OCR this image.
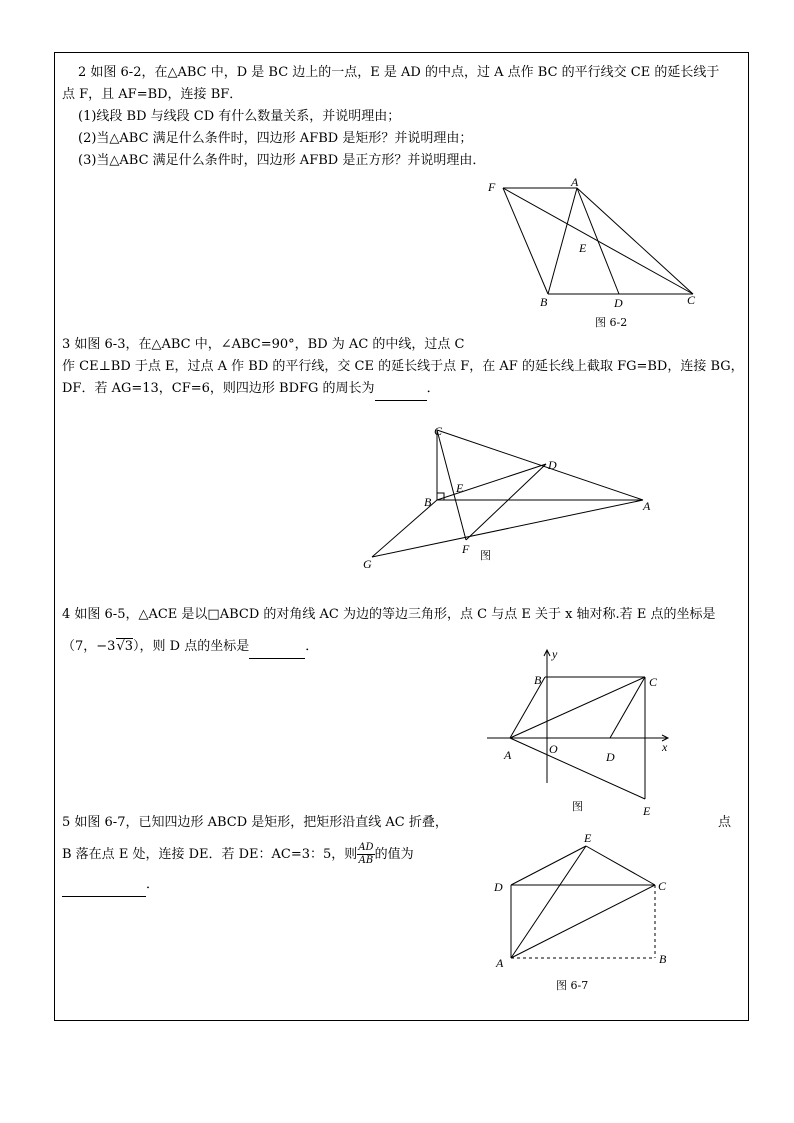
2 如图 6-2，在△ABC 中，D 是 BC 边上的一点，E 是 AD 的中点，过 A 点作 BC 的平行线交 CE 的延长线于
点 F，且 AF=BD，连接 BF．
(1)线段 BD 与线段 CD 有什么数量关系，并说明理由；
(2)当△ABC 满足什么条件时，四边形 AFBD 是矩形？并说明理由；
(3)当△ABC 满足什么条件时，四边形 AFBD 是正方形？并说明理由．
3 如图 6-3，在△ABC 中，∠ABC=90°，BD 为 AC 的中线，过点 C
作 CE⊥BD 于点 E，过点 A 作 BD 的平行线，交 CE 的延长线于点 F，在 AF 的延长线上截取 FG=BD，连接 BG，
DF．若 AG=13，CF=6，则四边形 BDFG 的周长为	．
4 如图 6-5，△ACE 是以□ABCD 的对角线 AC 为边的等边三角形，点 C 与点 E 关于 x 轴对称.若 E 点的坐标是
（7，−3√3），则 D 点的坐标是	．
5 如图 6-7，已知四边形 ABCD 是矩形，把矩形沿直线 AC 折叠，	点
B 落在点 E 处，连接 DE．若 DE：AC=3：5，则 $\frac{AD}{AB}$ 的值为
．
F	A
E
B	D	C
图 6-2
C
D
B
E
A
F
G
图
y
x
B	C
A	O
D
E
图
E
D	C
A	B
图 6-7
